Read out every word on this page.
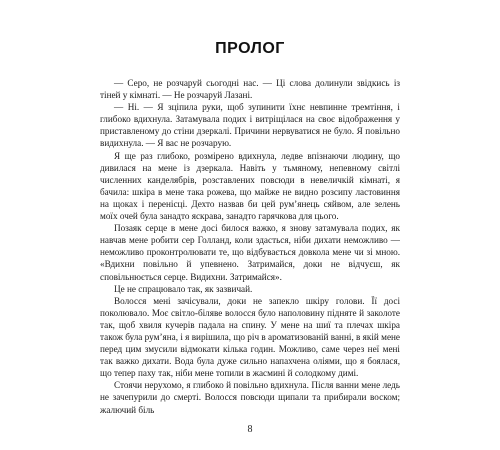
ПРОЛОГ

— Серо, не розчаруй сьогодні нас. — Ці слова долинули звідкись із тіней у кімнаті. — Не розчаруй Лазані.

— Ні. — Я зціпила руки, щоб зупинити їхнє невпинне тремтіння, і глибоко вдихнула. Затамувала подих і витріщілася на своє відображення у приставленому до стіни дзеркалі. Причини нервуватися не було. Я повільно видихнула. — Я вас не розчарую.

Я ще раз глибоко, розмірено вдихнула, ледве впізнаючи людину, що дивилася на мене із дзеркала. Навіть у тьмяному, непевному світлі численних канделябрів, розставлених повсюди в невеличкій кімнаті, я бачила: шкіра в мене така рожева, що майже не видно розсипу ластовиння на щоках і перенісці. Дехто назвав би цей рум’янець сяйвом, але зелень моїх очей була занадто яскрава, занадто гарячкова для цього.

Позаяк серце в мене досі билося важко, я знову затамувала подих, як навчав мене робити сер Голланд, коли здасться, ніби дихати неможливо — неможливо проконтролювати те, що відбувається довкола мене чи зі мною. «Вдихни повільно й упевнено. Затримайся, доки не відчуєш, як сповільнюється серце. Видихни. Затримайся».

Це не спрацювало так, як зазвичай.

Волосся мені зачісували, доки не запекло шкіру голови. Її досі поколювало. Моє світло-біляве волосся було наполовину підняте й заколоте так, щоб хвиля кучерів падала на спину. У мене на шиї та плечах шкіра також була рум’яна, і я вирішила, що річ в ароматизованій ванні, в якій мене перед цим змусили відмокати кілька годин. Можливо, саме через неї мені так важко дихати. Вода була дуже сильно напахчена оліями, що я боялася, що тепер паху так, ніби мене топили в жасмині й солодкому димі.

Стоячи нерухомо, я глибоко й повільно вдихнула. Після ванни мене ледь не зачепурили до смерті. Волосся повсюди щипали та прибирали воском; жалючий біль

8
